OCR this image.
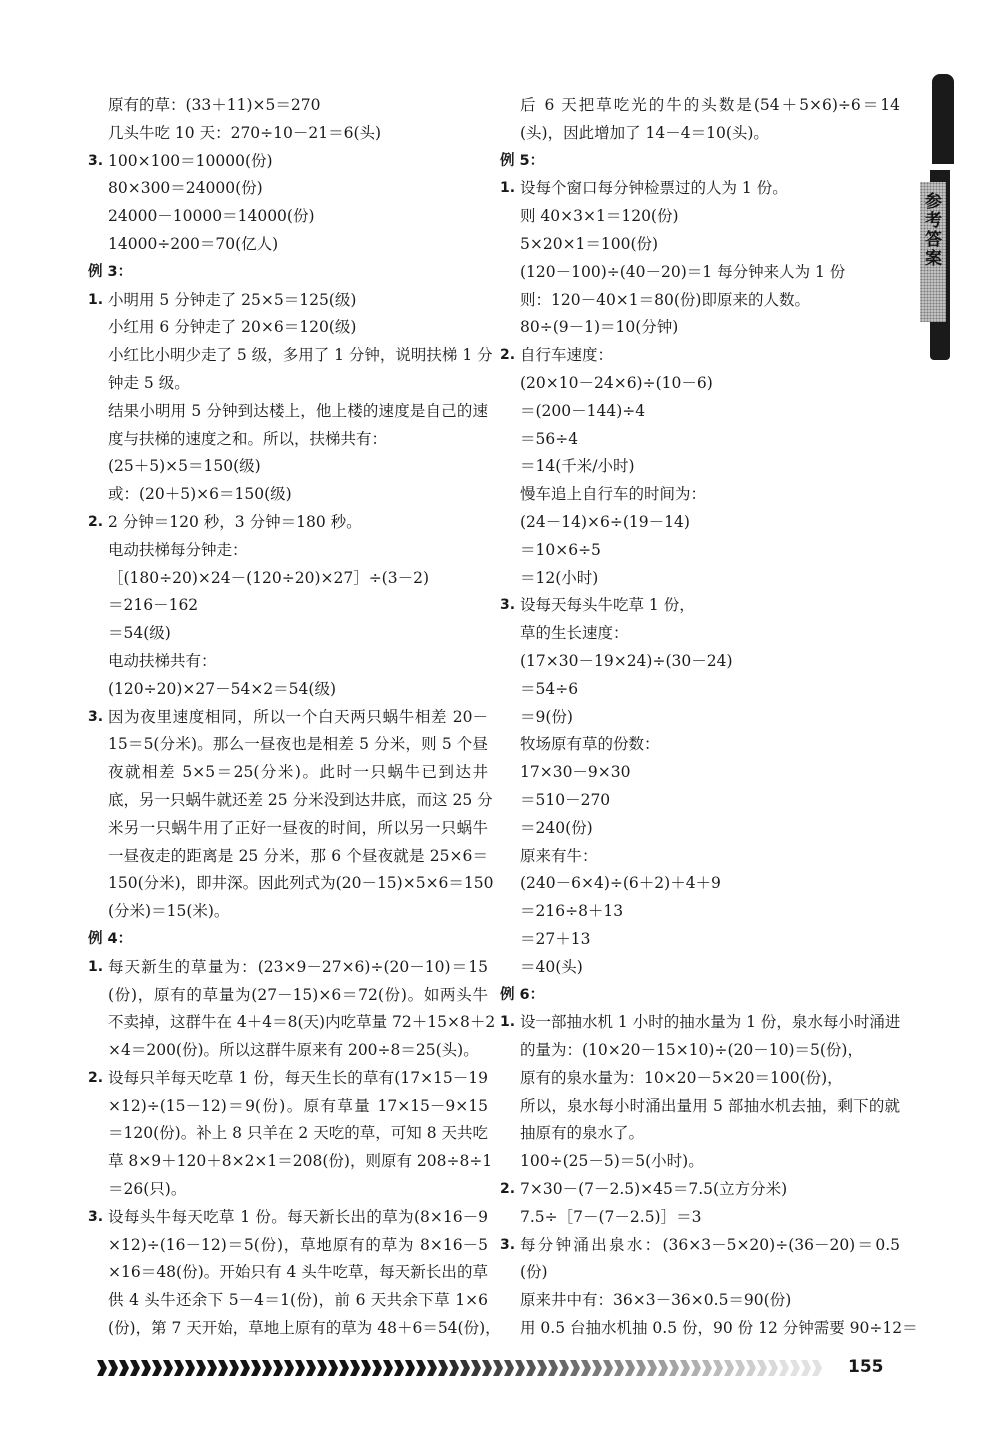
原有的草：(33＋11)×5＝270
几头牛吃 10 天：270÷10－21＝6(头)
3. 100×100＝10000(份)
80×300＝24000(份)
24000－10000＝14000(份)
14000÷200＝70(亿人)
例 3：
1. 小明用 5 分钟走了 25×5＝125(级)
小红用 6 分钟走了 20×6＝120(级)
小红比小明少走了 5 级，多用了 1 分钟，说明扶梯 1 分
钟走 5 级。
结果小明用 5 分钟到达楼上，他上楼的速度是自己的速
度与扶梯的速度之和。所以，扶梯共有：
(25＋5)×5＝150(级)
或：(20＋5)×6＝150(级)
2. 2 分钟＝120 秒，3 分钟＝180 秒。
电动扶梯每分钟走：
［(180÷20)×24－(120÷20)×27］÷(3－2)
＝216－162
＝54(级)
电动扶梯共有：
(120÷20)×27－54×2＝54(级)
3. 因为夜里速度相同，所以一个白天两只蜗牛相差 20－
15＝5(分米)。那么一昼夜也是相差 5 分米，则 5 个昼
夜就相差 5×5＝25(分米)。此时一只蜗牛已到达井
底，另一只蜗牛就还差 25 分米没到达井底，而这 25 分
米另一只蜗牛用了正好一昼夜的时间，所以另一只蜗牛
一昼夜走的距离是 25 分米，那 6 个昼夜就是 25×6＝
150(分米)，即井深。因此列式为(20－15)×5×6＝150
(分米)＝15(米)。
例 4：
1. 每天新生的草量为：(23×9－27×6)÷(20－10)＝15
(份)，原有的草量为(27－15)×6＝72(份)。如两头牛
不卖掉，这群牛在 4＋4＝8(天)内吃草量 72＋15×8＋2
×4＝200(份)。所以这群牛原来有 200÷8＝25(头)。
2. 设每只羊每天吃草 1 份，每天生长的草有(17×15－19
×12)÷(15－12)＝9(份)。原有草量 17×15－9×15
＝120(份)。补上 8 只羊在 2 天吃的草，可知 8 天共吃
草 8×9＋120＋8×2×1＝208(份)，则原有 208÷8÷1
＝26(只)。
3. 设每头牛每天吃草 1 份。每天新长出的草为(8×16－9
×12)÷(16－12)＝5(份)，草地原有的草为 8×16－5
×16＝48(份)。开始只有 4 头牛吃草，每天新长出的草
供 4 头牛还余下 5－4＝1(份)，前 6 天共余下草 1×6
(份)，第 7 天开始，草地上原有的草为 48＋6＝54(份)，
后 6 天把草吃光的牛的头数是(54＋5×6)÷6＝14
(头)，因此增加了 14－4＝10(头)。
例 5：
1. 设每个窗口每分钟检票过的人为 1 份。
则 40×3×1＝120(份)
5×20×1＝100(份)
(120－100)÷(40－20)＝1 每分钟来人为 1 份
则：120－40×1＝80(份)即原来的人数。
80÷(9－1)＝10(分钟)
2. 自行车速度：
(20×10－24×6)÷(10－6)
＝(200－144)÷4
＝56÷4
＝14(千米/小时)
慢车追上自行车的时间为：
(24－14)×6÷(19－14)
＝10×6÷5
＝12(小时)
3. 设每天每头牛吃草 1 份，
草的生长速度：
(17×30－19×24)÷(30－24)
＝54÷6
＝9(份)
牧场原有草的份数：
17×30－9×30
＝510－270
＝240(份)
原来有牛：
(240－6×4)÷(6＋2)＋4＋9
＝216÷8＋13
＝27＋13
＝40(头)
例 6：
1. 设一部抽水机 1 小时的抽水量为 1 份，泉水每小时涌进
的量为：(10×20－15×10)÷(20－10)＝5(份)，
原有的泉水量为：10×20－5×20＝100(份)，
所以，泉水每小时涌出量用 5 部抽水机去抽，剩下的就
抽原有的泉水了。
100÷(25－5)＝5(小时)。
2. 7×30－(7－2.5)×45＝7.5(立方分米)
7.5÷［7－(7－2.5)］＝3
3. 每分钟涌出泉水：(36×3－5×20)÷(36－20)＝0.5
(份)
原来井中有：36×3－36×0.5＝90(份)
用 0.5 台抽水机抽 0.5 份，90 份 12 分钟需要 90÷12＝
参考答案
155
